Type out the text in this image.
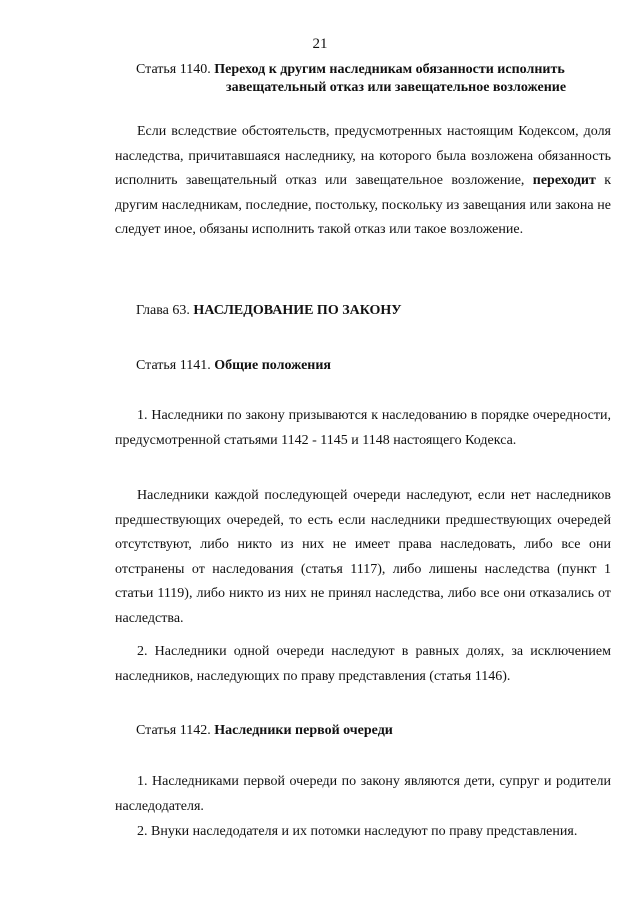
21
Статья 1140. Переход к другим наследникам обязанности исполнить
завещательный отказ или завещательное возложение

Если вследствие обстоятельств, предусмотренных настоящим Кодексом, доля наследства, причитавшаяся наследнику, на которого была возложена обязанность исполнить завещательный отказ или завещательное возложение, переходит к другим наследникам, последние, постольку, поскольку из завещания или закона не следует иное, обязаны исполнить такой отказ или такое возложение.

Глава 63. НАСЛЕДОВАНИЕ ПО ЗАКОНУ
Статья 1141. Общие положения

1. Наследники по закону призываются к наследованию в порядке очередности, предусмотренной статьями 1142 - 1145 и 1148 настоящего Кодекса.

Наследники каждой последующей очереди наследуют, если нет наследников предшествующих очередей, то есть если наследники предшествующих очередей отсутствуют, либо никто из них не имеет права наследовать, либо все они отстранены от наследования (статья 1117), либо лишены наследства (пункт 1 статьи 1119), либо никто из них не принял наследства, либо все они отказались от наследства.

2. Наследники одной очереди наследуют в равных долях, за исключением наследников, наследующих по праву представления (статья 1146).

Статья 1142. Наследники первой очереди

1. Наследниками первой очереди по закону являются дети, супруг и родители наследодателя.

2. Внуки наследодателя и их потомки наследуют по праву представления.
